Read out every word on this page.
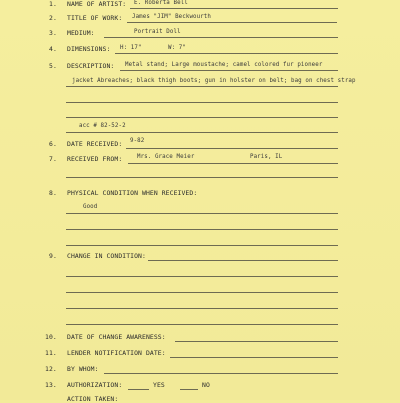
1. NAME OF ARTIST: E. Roberta Bell
2. TITLE OF WORK: James "JIM" Beckwourth
3. MEDIUM:	Portrait Doll
4. DIMENSIONS: H: 17"	W: 7"
5. DESCRIPTION: Metal stand; Large moustache; camel colored fur pioneer
jacket Abreaches; black thigh boots; gun in holster on belt; bag on chest strap
acc # 82-52-2
6. DATE RECEIVED: 9-82
7. RECEIVED FROM:	Mrs. Grace Meier	Paris, IL
8. PHYSICAL CONDITION WHEN RECEIVED:
Good
9. CHANGE IN CONDITION:
10. DATE OF CHANGE AWARENESS:
11. LENDER NOTIFICATION DATE:
12. BY WHOM:
13. AUTHORIZATION:	YES	NO
ACTION TAKEN:
